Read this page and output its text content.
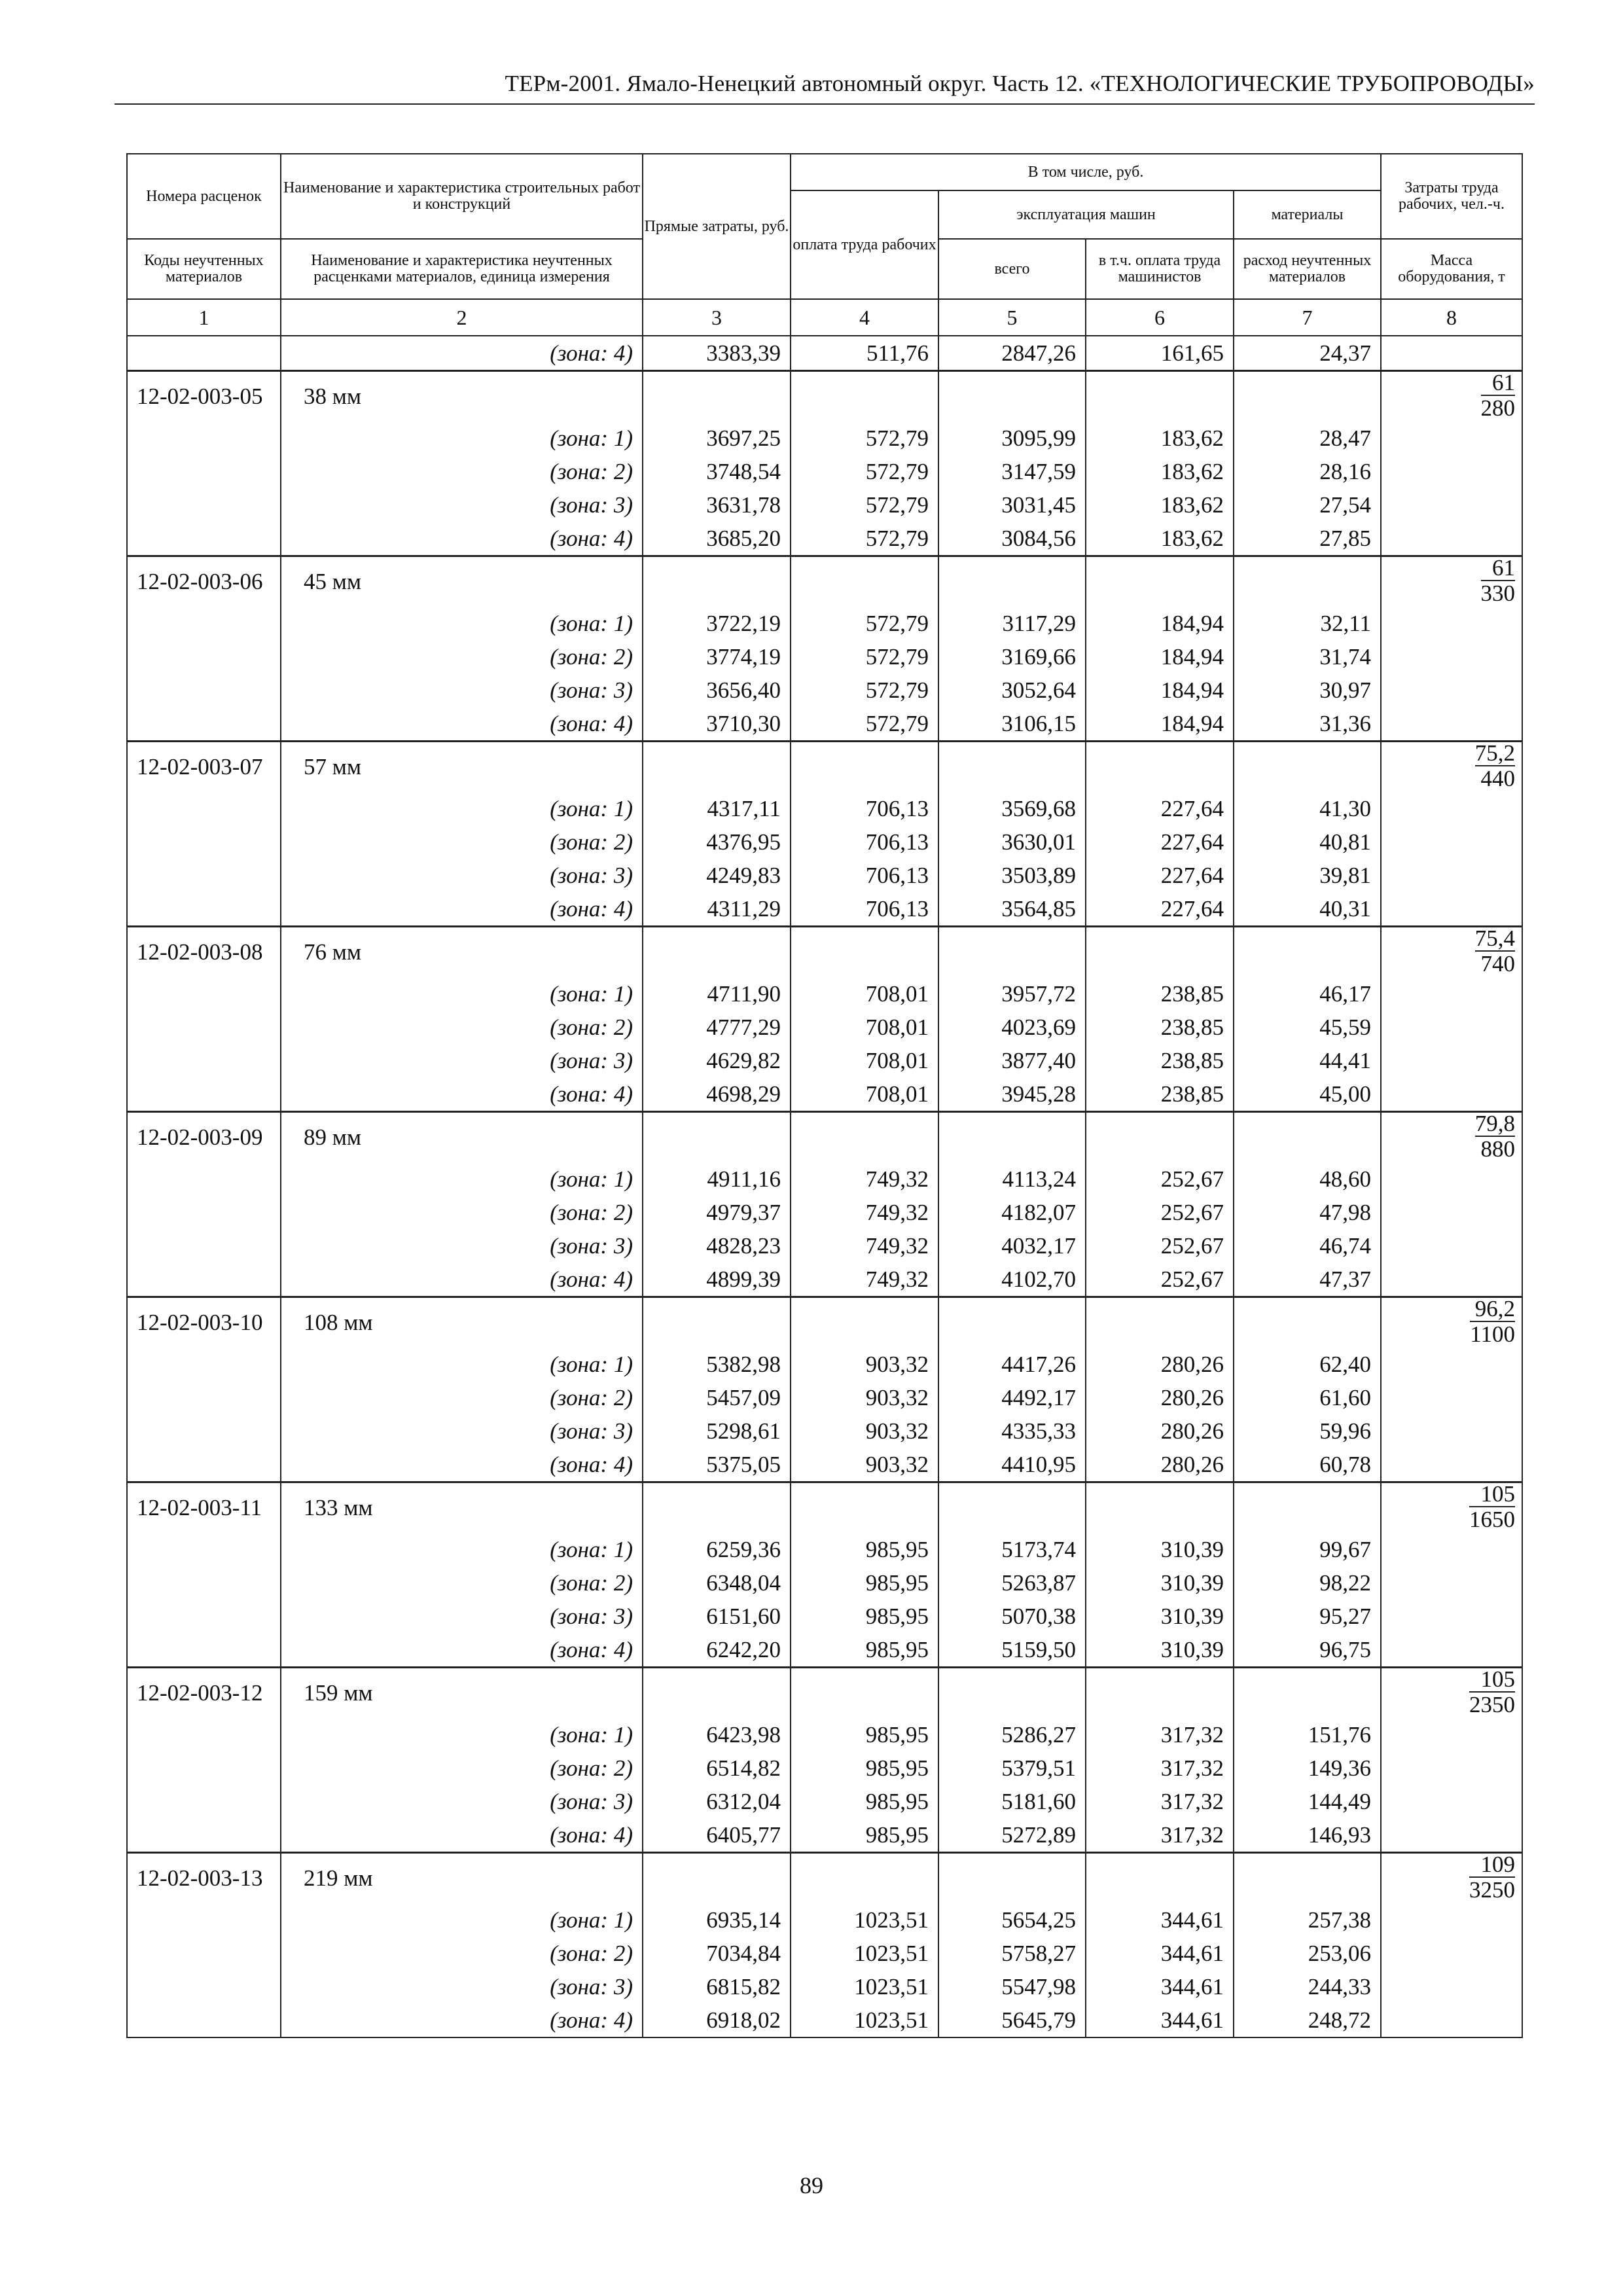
ТЕРм-2001. Ямало-Ненецкий автономный округ. Часть 12. «ТЕХНОЛОГИЧЕСКИЕ ТРУБОПРОВОДЫ»
Номера расценок	Наименование и характеристика строительных работ и конструкций	Прямые затраты, руб.	В том числе, руб.				Затраты труда рабочих, чел.-ч.
			оплата труда рабочих	эксплуатация машин		материалы	
Коды неучтенных материалов	Наименование и характеристика неучтенных расценками материалов, единица измерения			всего	в т.ч. оплата труда машинистов	расход неучтенных материалов	Масса оборудования, т
1	2	3	4	5	6	7	8
	(зона: 4)	3383,39	511,76	2847,26	161,65	24,37	
12-02-003-05	38 мм						$\frac{61}{280}$

	(зона: 1)	3697,25	572,79	3095,99	183,62	28,47	
	(зона: 2)	3748,54	572,79	3147,59	183,62	28,16	
	(зона: 3)	3631,78	572,79	3031,45	183,62	27,54	
	(зона: 4)	3685,20	572,79	3084,56	183,62	27,85	
12-02-003-06	45 мм						$\frac{61}{330}$

	(зона: 1)	3722,19	572,79	3117,29	184,94	32,11	
	(зона: 2)	3774,19	572,79	3169,66	184,94	31,74	
	(зона: 3)	3656,40	572,79	3052,64	184,94	30,97	
	(зона: 4)	3710,30	572,79	3106,15	184,94	31,36	
12-02-003-07	57 мм						$\frac{75,2}{440}$

	(зона: 1)	4317,11	706,13	3569,68	227,64	41,30	
	(зона: 2)	4376,95	706,13	3630,01	227,64	40,81	
	(зона: 3)	4249,83	706,13	3503,89	227,64	39,81	
	(зона: 4)	4311,29	706,13	3564,85	227,64	40,31	
12-02-003-08	76 мм						$\frac{75,4}{740}$

	(зона: 1)	4711,90	708,01	3957,72	238,85	46,17	
	(зона: 2)	4777,29	708,01	4023,69	238,85	45,59	
	(зона: 3)	4629,82	708,01	3877,40	238,85	44,41	
	(зона: 4)	4698,29	708,01	3945,28	238,85	45,00	
12-02-003-09	89 мм						$\frac{79,8}{880}$

	(зона: 1)	4911,16	749,32	4113,24	252,67	48,60	
	(зона: 2)	4979,37	749,32	4182,07	252,67	47,98	
	(зона: 3)	4828,23	749,32	4032,17	252,67	46,74	
	(зона: 4)	4899,39	749,32	4102,70	252,67	47,37	
12-02-003-10	108 мм						$\frac{96,2}{1100}$

	(зона: 1)	5382,98	903,32	4417,26	280,26	62,40	
	(зона: 2)	5457,09	903,32	4492,17	280,26	61,60	
	(зона: 3)	5298,61	903,32	4335,33	280,26	59,96	
	(зона: 4)	5375,05	903,32	4410,95	280,26	60,78	
12-02-003-11	133 мм						$\frac{105}{1650}$

	(зона: 1)	6259,36	985,95	5173,74	310,39	99,67	
	(зона: 2)	6348,04	985,95	5263,87	310,39	98,22	
	(зона: 3)	6151,60	985,95	5070,38	310,39	95,27	
	(зона: 4)	6242,20	985,95	5159,50	310,39	96,75	
12-02-003-12	159 мм						$\frac{105}{2350}$

	(зона: 1)	6423,98	985,95	5286,27	317,32	151,76	
	(зона: 2)	6514,82	985,95	5379,51	317,32	149,36	
	(зона: 3)	6312,04	985,95	5181,60	317,32	144,49	
	(зона: 4)	6405,77	985,95	5272,89	317,32	146,93	
12-02-003-13	219 мм						$\frac{109}{3250}$

	(зона: 1)	6935,14	1023,51	5654,25	344,61	257,38	
	(зона: 2)	7034,84	1023,51	5758,27	344,61	253,06	
	(зона: 3)	6815,82	1023,51	5547,98	344,61	244,33	
	(зона: 4)	6918,02	1023,51	5645,79	344,61	248,72	
89
